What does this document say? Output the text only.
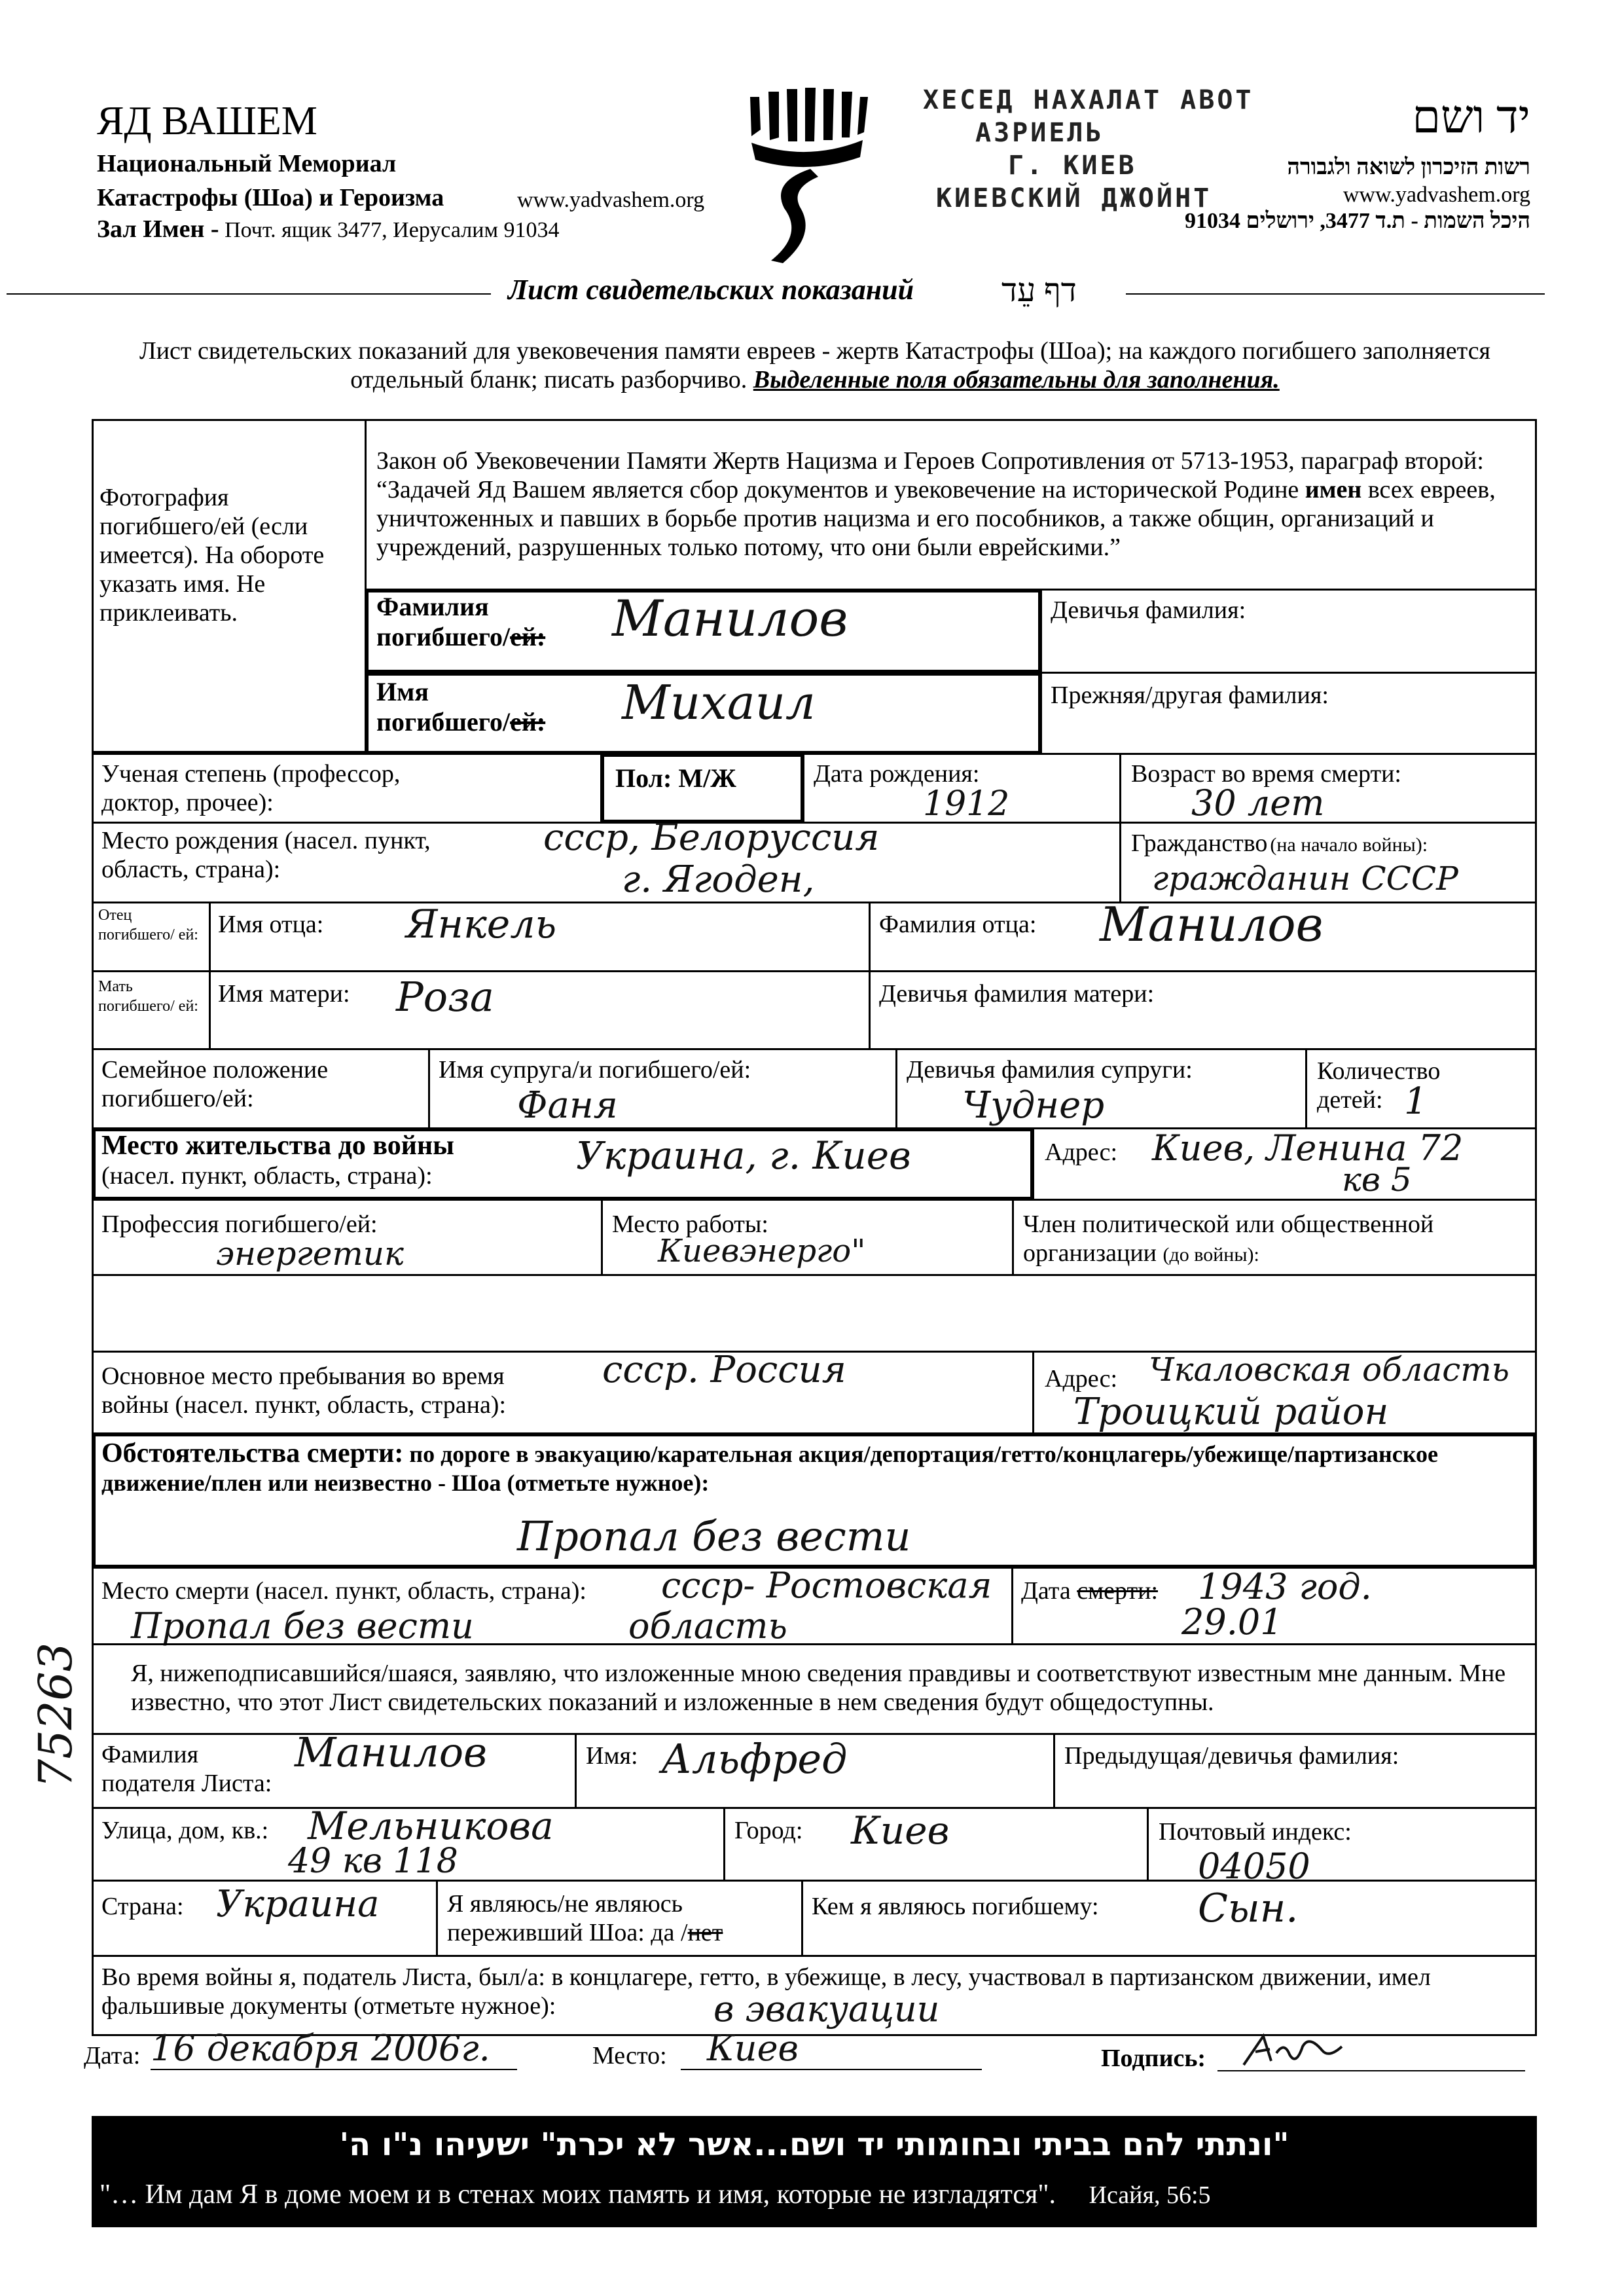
ЯД ВАШЕМ
Национальный Мемориал
Катастрофы (Шоа) и Героизма	www.yadvashem.org
Зал Имен - Почт. ящик 3477, Иерусалим 91034
ХЕСЕД НАХАЛАТ АВОТ
АЗРИЕЛЬ
Г. КИЕВ
КИЕВСКИЙ ДЖОЙНТ
יד ושם
רשות הזיכרון לשואה ולגבורה
www.yadvashem.org
היכל השמות - ת.ד 3477, ירושלים 91034
Лист свидетельских показаний	דף עֵד
Лист свидетельских показаний для увековечения памяти евреев - жертв Катастрофы (Шоа); на каждого погибшего заполняется отдельный бланк; писать разборчиво. Выделенные поля обязательны для заполнения.
Фотография погибшего/ей (если имеется). На обороте указать имя. Не приклеивать.
Закон об Увековечении Памяти Жертв Нацизма и Героев Сопротивления от 5713-1953, параграф второй: “Задачей Яд Вашем является сбор документов и увековечение на исторической Родине имен всех евреев, уничтоженных и павших в борьбе против нацизма и его пособников, а также общин, организаций и учреждений, разрушенных только потому, что они были еврейскими.”
Фамилия
погибшего/ей: Манилов	Девичья фамилия:
Имя
погибшего/ей: Михаил	Прежняя/другая фамилия:
Ученая степень (профессор, доктор, прочее):
Пол: М/Ж	Дата рождения:
1912
Возраст во время смерти:
30 лет
Место рождения (насел. пункт, область, страна):
ссср, Белоруссия
г. Ягоден,
Гражданство (на начало войны):
гражданин СССР
Отец погибшего/ ей: Имя отца: Янкель	Фамилия отца: Манилов
Мать погибшего/ ей: Имя матери: Роза	Девичья фамилия матери:
Семейное положение погибшего/ей:
Имя супруга/и погибшего/ей:
Фаня
Девичья фамилия супруги:
Чуднер
Количество
детей: 1
Место жительства до войны
(насел. пункт, область, страна):	Украина, г. Киев	Адрес: Киев, Ленина 72
кв 5
Профессия погибшего/ей:
энергетик
Место работы:
Киевэнерго"
Член политической или общественной организации (до войны):
Основное место пребывания во время войны (насел. пункт, область, страна):
ссср. Россия	Адрес: Чкаловская область
Троицкий район
Обстоятельства смерти: по дороге в эвакуацию/карательная акция/депортация/гетто/концлагерь/убежище/партизанское движение/плен или неизвестно - Шоа (отметьте нужное):
Пропал без вести
Место смерти (насел. пункт, область, страна): ссср- Ростовская
Пропал без вести	область
Дата смерти: 1943 год.
29.01
Я, нижеподписавшийся/шаяся, заявляю, что изложенные мною сведения правдивы и соответствуют известным мне данным. Мне известно, что этот Лист свидетельских показаний и изложенные в нем сведения будут общедоступны.
Фамилия подателя Листа:
Манилов	Имя: Альфред	Предыдущая/девичья фамилия:
Улица, дом, кв.: Мельникова
49 кв 118
Город: Киев	Почтовый индекс:
04050
Страна: Украина	Я являюсь/не являюсь переживший Шоа: да /нет
Кем я являюсь погибшему:	Сын.
Во время войны я, податель Листа, был/а: в концлагере, гетто, в убежище, в лесу, участвовал в партизанском движении, имел фальшивые документы (отметьте нужное):	в эвакуации
Дата: 16 декабря 2006г.	Место:	Киев	Подпись:
75263
"ונתתי להם בביתי ובחומותי יד ושם...אשר לא יכרת" ישעיהו נ"ו ה'
"… Им дам Я в доме моем и в стенах моих память и имя, которые не изгладятся". Исайя, 56:5
